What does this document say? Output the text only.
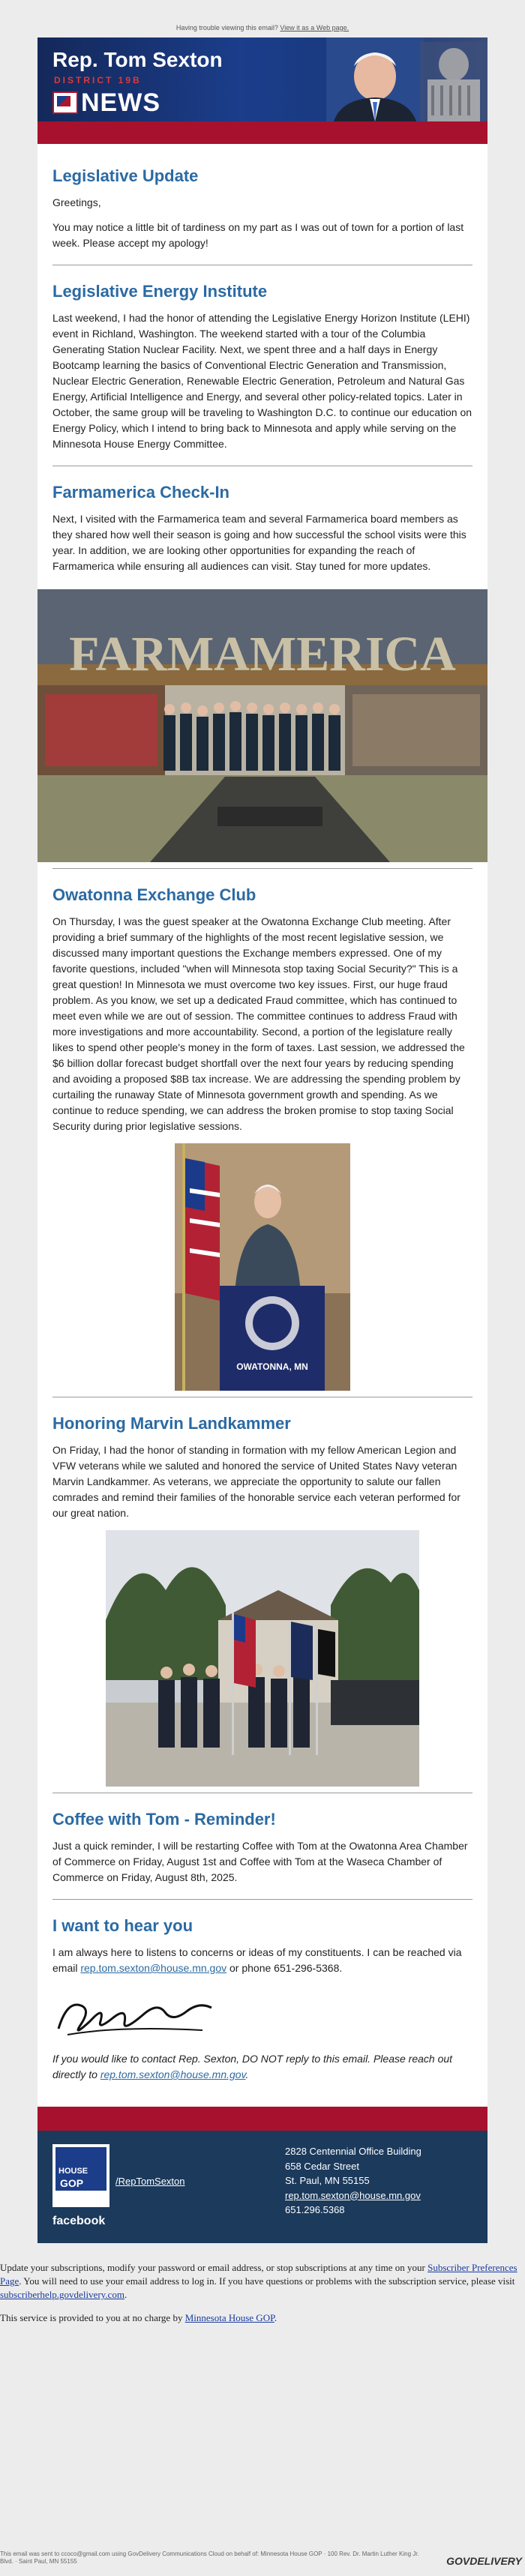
Having trouble viewing this email? View it as a Web page.
Rep. Tom Sexton
DISTRICT 19B
NEWS
Legislative Update

Greetings,

You may notice a little bit of tardiness on my part as I was out of town for a portion of last week. Please accept my apology!

Legislative Energy Institute

Last weekend, I had the honor of attending the Legislative Energy Horizon Institute (LEHI) event in Richland, Washington. The weekend started with a tour of the Columbia Generating Station Nuclear Facility. Next, we spent three and a half days in Energy Bootcamp learning the basics of Conventional Electric Generation and Transmission, Nuclear Electric Generation, Renewable Electric Generation, Petroleum and Natural Gas Energy, Artificial Intelligence and Energy, and several other policy-related topics. Later in October, the same group will be traveling to Washington D.C. to continue our education on Energy Policy, which I intend to bring back to Minnesota and apply while serving on the Minnesota House Energy Committee.

Farmamerica Check-In

Next, I visited with the Farmamerica team and several Farmamerica board members as they shared how well their season is going and how successful the school visits were this year. In addition, we are looking other opportunities for expanding the reach of Farmamerica while ensuring all audiences can visit. Stay tuned for more updates.

FARMAMERICA
Owatonna Exchange Club

On Thursday, I was the guest speaker at the Owatonna Exchange Club meeting. After providing a brief summary of the highlights of the most recent legislative session, we discussed many important questions the Exchange members expressed. One of my favorite questions, included "when will Minnesota stop taxing Social Security?" This is a great question! In Minnesota we must overcome two key issues. First, our huge fraud problem. As you know, we set up a dedicated Fraud committee, which has continued to meet even while we are out of session. The committee continues to address Fraud with more investigations and more accountability. Second, a portion of the legislature really likes to spend other people's money in the form of taxes. Last session, we addressed the $6 billion dollar forecast budget shortfall over the next four years by reducing spending and avoiding a proposed $8B tax increase. We are addressing the spending problem by curtailing the runaway State of Minnesota government growth and spending. As we continue to reduce spending, we can address the broken promise to stop taxing Social Security during prior legislative sessions.

OWATONNA, MN
Honoring Marvin Landkammer

On Friday, I had the honor of standing in formation with my fellow American Legion and VFW veterans while we saluted and honored the service of United States Navy veteran Marvin Landkammer. As veterans, we appreciate the opportunity to salute our fallen comrades and remind their families of the honorable service each veteran performed for our great nation.

Coffee with Tom - Reminder!

Just a quick reminder, I will be restarting Coffee with Tom at the Owatonna Area Chamber of Commerce on Friday, August 1st and Coffee with Tom at the Waseca Chamber of Commerce on Friday, August 8th, 2025.

I want to hear you

I am always here to listens to concerns or ideas of my constituents. I can be reached via email rep.tom.sexton@house.mn.gov or phone 651-296-5368.

If you would like to contact Rep. Sexton, DO NOT reply to this email. Please reach out directly to rep.tom.sexton@house.mn.gov.

HOUSE
GOP
facebook
/RepTomSexton
2828 Centennial Office Building
658 Cedar Street
St. Paul, MN 55155
rep.tom.sexton@house.mn.gov
651.296.5368

Update your subscriptions, modify your password or email address, or stop subscriptions at any time on your Subscriber Preferences Page. You will need to use your email address to log in. If you have questions or problems with the subscription service, please visit subscriberhelp.govdelivery.com.

This service is provided to you at no charge by Minnesota House GOP.

This email was sent to ccoco@gmail.com using GovDelivery Communications Cloud on behalf of: Minnesota House GOP · 100 Rev. Dr. Martin Luther King Jr. Blvd. · Saint Paul, MN 55155	GOVDELIVERY
